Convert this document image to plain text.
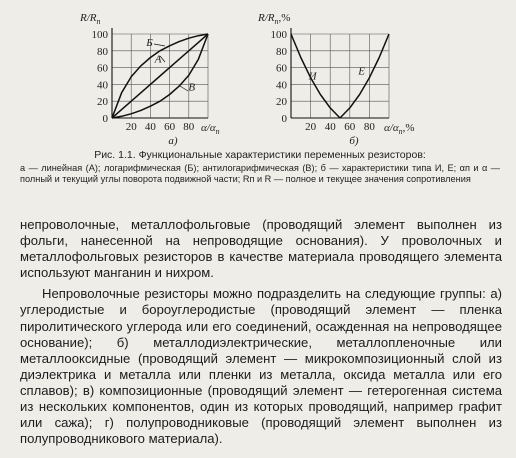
100
80
60
40
20
0
20 40 60 80
Б
А
В
$R/R_п$
$\alpha/\alpha_п$
а)
100
80
60
40
20
0
20 40 60 80
И	Е
$R/R_п,\%$
$\alpha/\alpha_п,\%$
б)
Рис. 1.1. Функциональные характеристики переменных резисторов:
а — линейная (А); логарифмическая (Б); антилогарифмическая (В); б — характеристики типа И, Е; αп и α — полный и текущий углы поворота подвижной части; Rп и R — полное и текущее значения сопротивления

непроволочные, металлофольговые (проводящий элемент выполнен из фольги, нанесенной на непроводящие основания). У проволочных и металлофольговых резисторов в качестве материала проводящего элемента используют манганин и нихром.

Непроволочные резисторы можно подразделить на следующие группы: а) углеродистые и бороуглеродистые (проводящий элемент — пленка пиролитического углерода или его соединений, осажденная на непроводящее основание); б) металлодиэлектрические, металлопленочные или металлооксидные (проводящий элемент — микрокомпозиционный слой из диэлектрика и металла или пленки из металла, оксида металла или его сплавов); в) композиционные (проводящий элемент — гетерогенная система из нескольких компонентов, один из которых проводящий, например графит или сажа); г) полупроводниковые (проводящий элемент выполнен из полупроводникового материала).
